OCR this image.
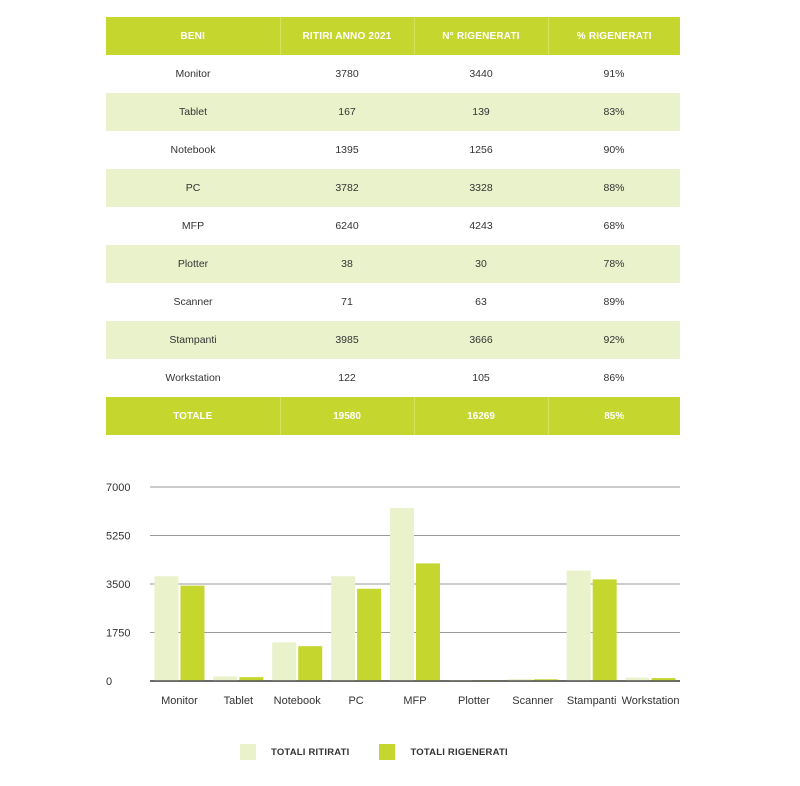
BENI	RITIRI ANNO 2021	N° RIGENERATI	% RIGENERATI
Monitor	3780	3440	91%
Tablet	167	139	83%
Notebook	1395	1256	90%
PC	3782	3328	88%
MFP	6240	4243	68%
Plotter	38	30	78%
Scanner	71	63	89%
Stampanti	3985	3666	92%
Workstation	122	105	86%
TOTALE	19580	16269	85%
0
1750
3500
5250
7000
Monitor Tablet Notebook	PC	MFP	Plotter Scanner Stampanti Workstation
TOTALI RITIRATI	TOTALI RIGENERATI
